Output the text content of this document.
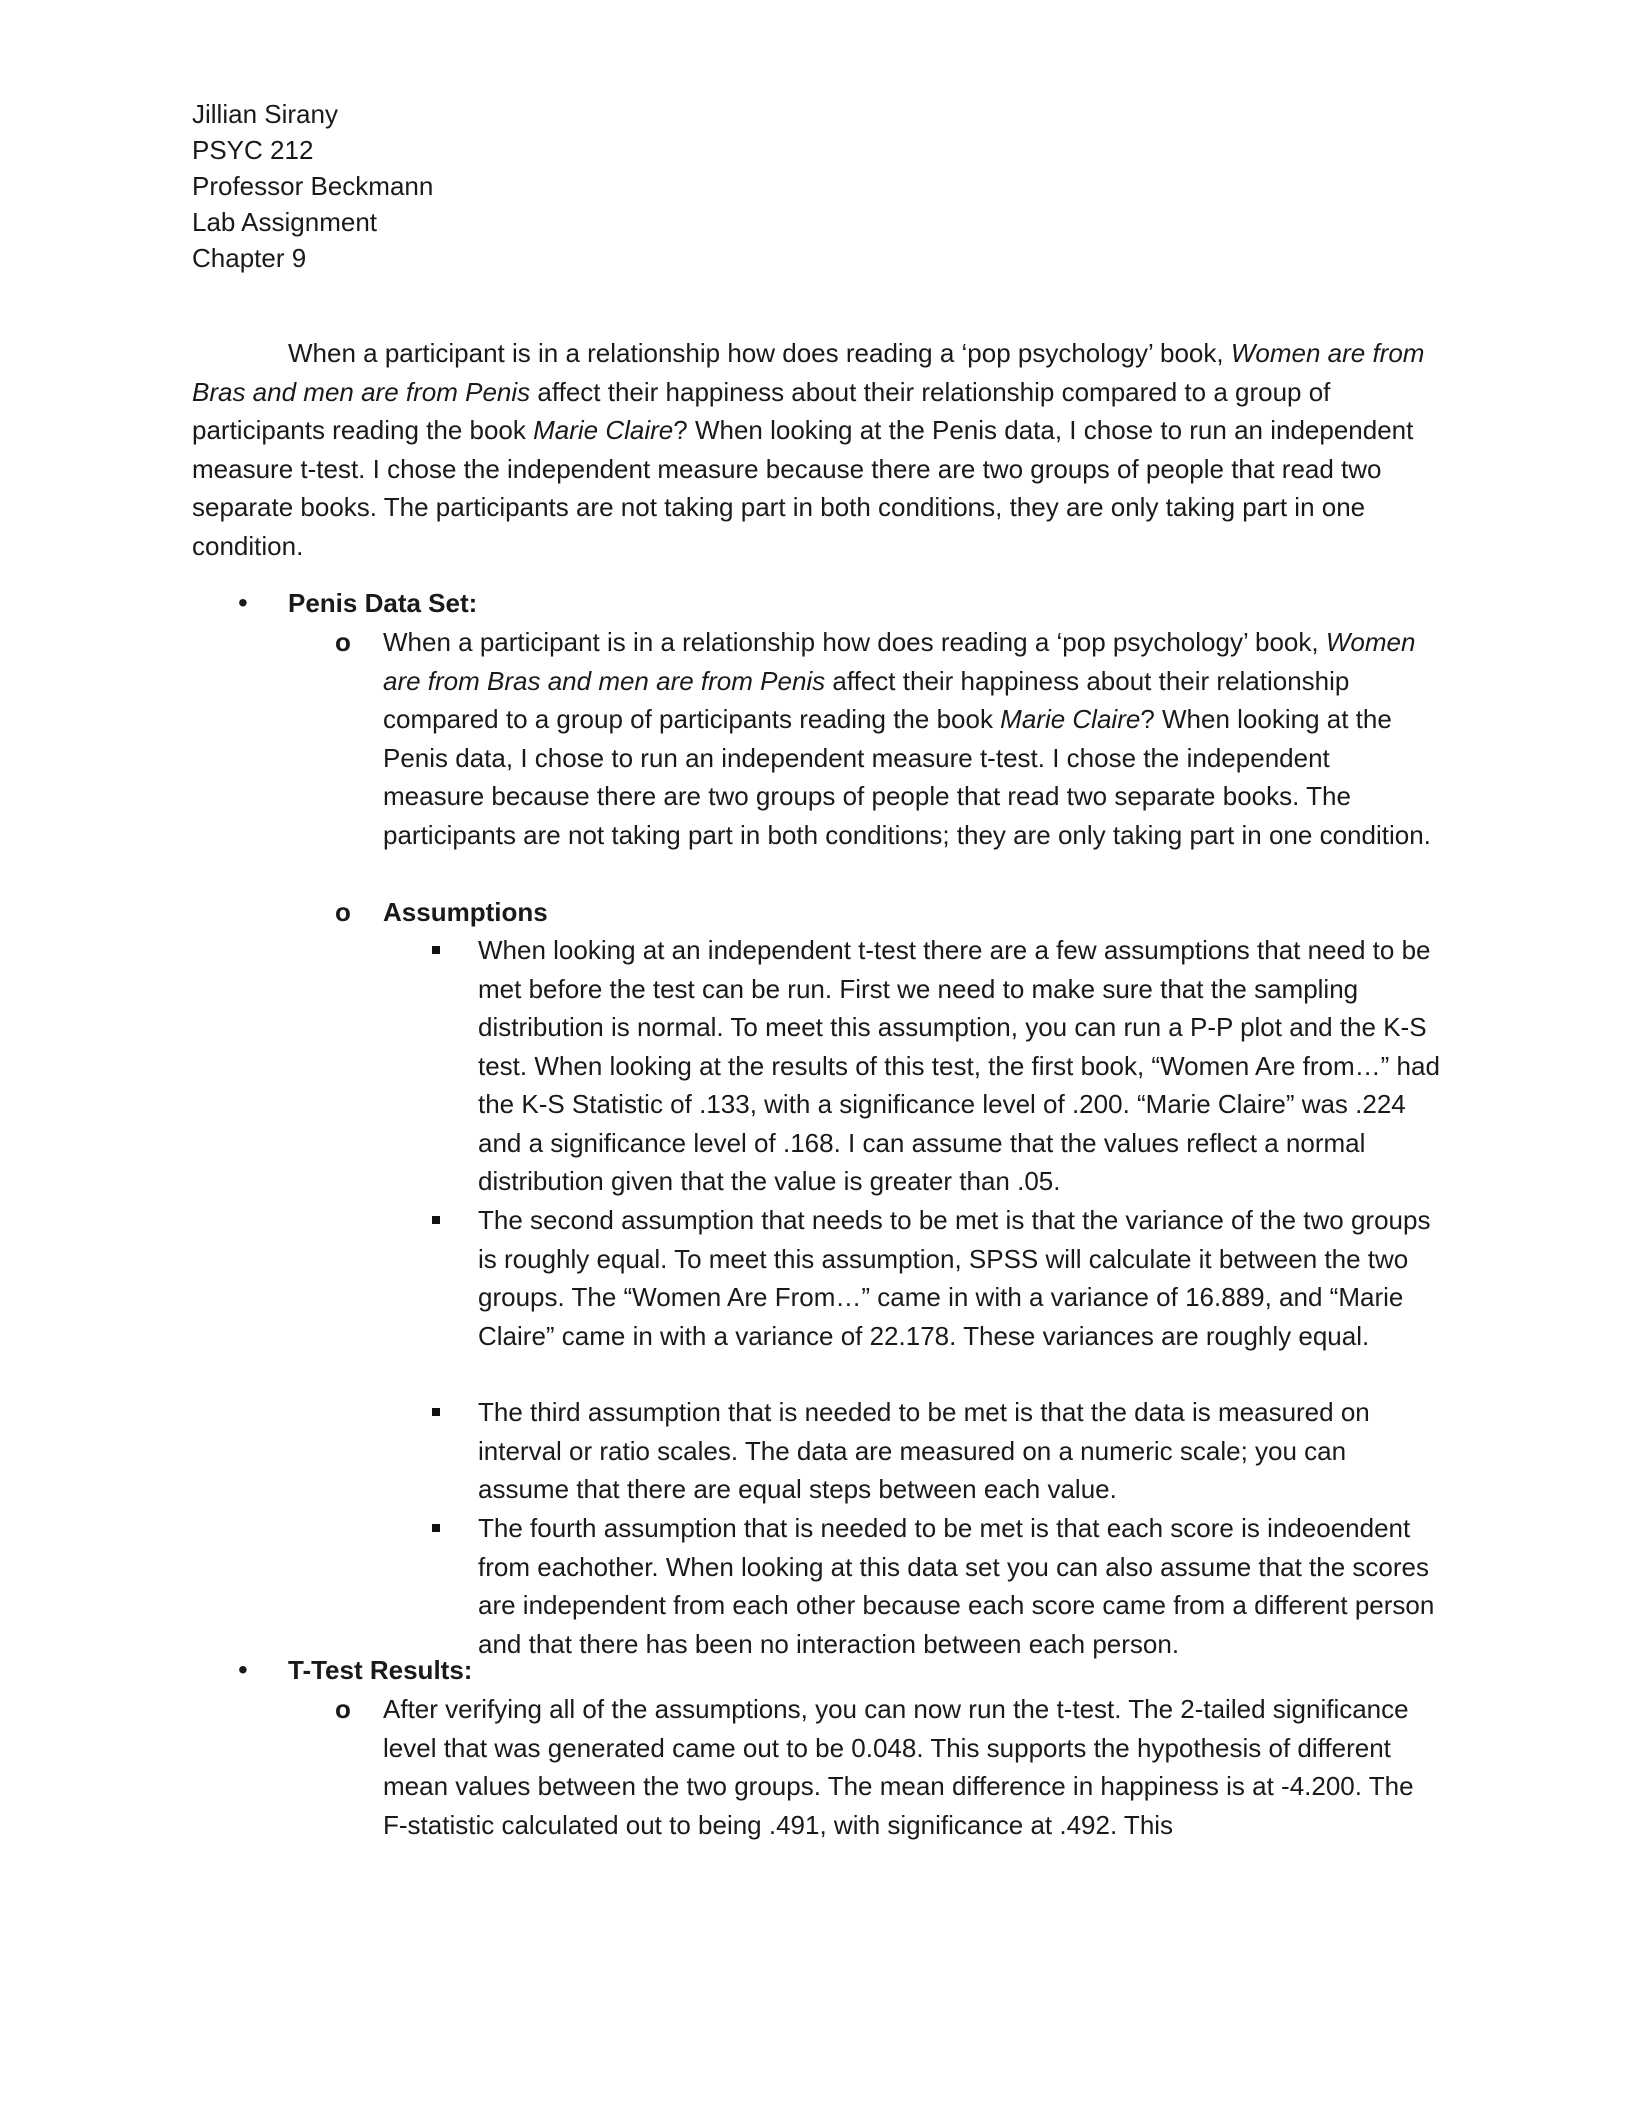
Jillian Sirany
PSYC 212
Professor Beckmann
Lab Assignment
Chapter 9

When a participant is in a relationship how does reading a ‘pop psychology’ book, Women are from Bras and men are from Penis affect their happiness about their relationship compared to a group of participants reading the book Marie Claire? When looking at the Penis data, I chose to run an independent measure t-test. I chose the independent measure because there are two groups of people that read two separate books. The participants are not taking part in both conditions, they are only taking part in one condition.

•	Penis Data Set:
o When a participant is in a relationship how does reading a ‘pop psychology’ book, Women are from Bras and men are from Penis affect their happiness about their relationship compared to a group of participants reading the book Marie Claire? When looking at the Penis data, I chose to run an independent measure t-test. I chose the independent measure because there are two groups of people that read two separate books. The participants are not taking part in both conditions; they are only taking part in one condition.
o Assumptions
When looking at an independent t-test there are a few assumptions that need to be met before the test can be run. First we need to make sure that the sampling distribution is normal. To meet this assumption, you can run a P-P plot and the K-S test. When looking at the results of this test, the first book, “Women Are from…” had the K-S Statistic of .133, with a significance level of .200. “Marie Claire” was .224 and a significance level of .168. I can assume that the values reflect a normal distribution given that the value is greater than .05.
The second assumption that needs to be met is that the variance of the two groups is roughly equal. To meet this assumption, SPSS will calculate it between the two groups. The “Women Are From…” came in with a variance of 16.889, and “Marie Claire” came in with a variance of 22.178. These variances are roughly equal.
The third assumption that is needed to be met is that the data is measured on interval or ratio scales. The data are measured on a numeric scale; you can assume that there are equal steps between each value.
The fourth assumption that is needed to be met is that each score is indeoendent from eachother. When looking at this data set you can also assume that the scores are independent from each other because each score came from a different person and that there has been no interaction between each person.
•	T-Test Results:
o After verifying all of the assumptions, you can now run the t-test. The 2-tailed significance level that was generated came out to be 0.048. This supports the hypothesis of different mean values between the two groups. The mean difference in happiness is at -4.200. The F-statistic calculated out to being .491, with significance at .492. This
